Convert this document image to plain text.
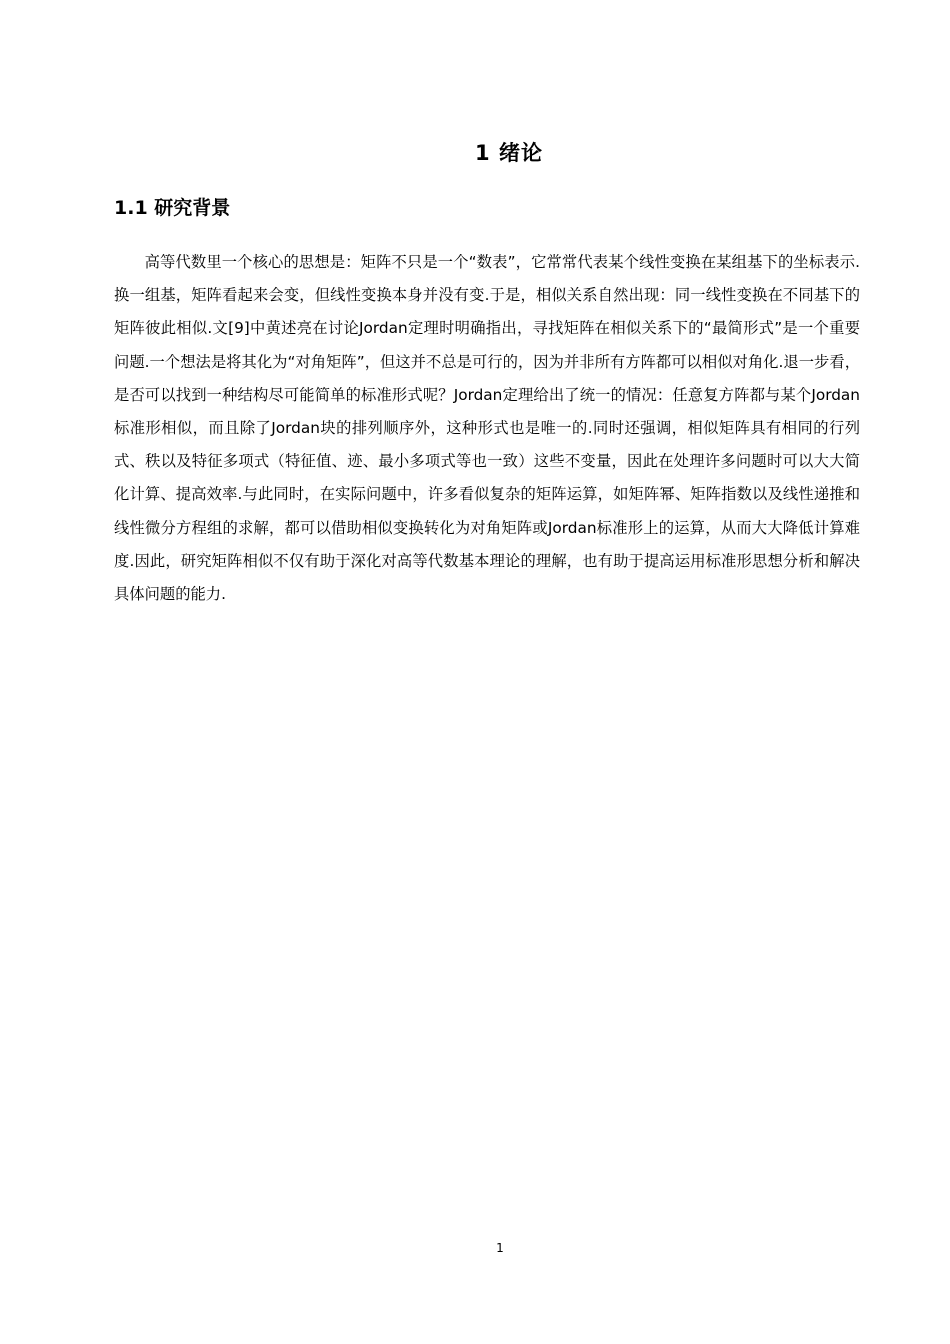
1 绪论
1.1 研究背景

高等代数里一个核心的思想是：矩阵不只是一个“数表”，它常常代表某个线性变换在某组基下的坐标表示.换一组基，矩阵看起来会变，但线性变换本身并没有变.于是，相似关系自然出现：同一线性变换在不同基下的矩阵彼此相似.文[9]中黄述亮在讨论Jordan定理时明确指出，寻找矩阵在相似关系下的“最简形式”是一个重要问题.一个想法是将其化为“对角矩阵”，但这并不总是可行的，因为并非所有方阵都可以相似对角化.退一步看，是否可以找到一种结构尽可能简单的标准形式呢？Jordan定理给出了统一的情况：任意复方阵都与某个Jordan标准形相似，而且除了Jordan块的排列顺序外，这种形式也是唯一的.同时还强调，相似矩阵具有相同的行列式、秩以及特征多项式（特征值、迹、最小多项式等也一致）这些不变量，因此在处理许多问题时可以大大简化计算、提高效率.与此同时，在实际问题中，许多看似复杂的矩阵运算，如矩阵幂、矩阵指数以及线性递推和线性微分方程组的求解，都可以借助相似变换转化为对角矩阵或Jordan标准形上的运算，从而大大降低计算难度.因此，研究矩阵相似不仅有助于深化对高等代数基本理论的理解，也有助于提高运用标准形思想分析和解决具体问题的能力.

1
